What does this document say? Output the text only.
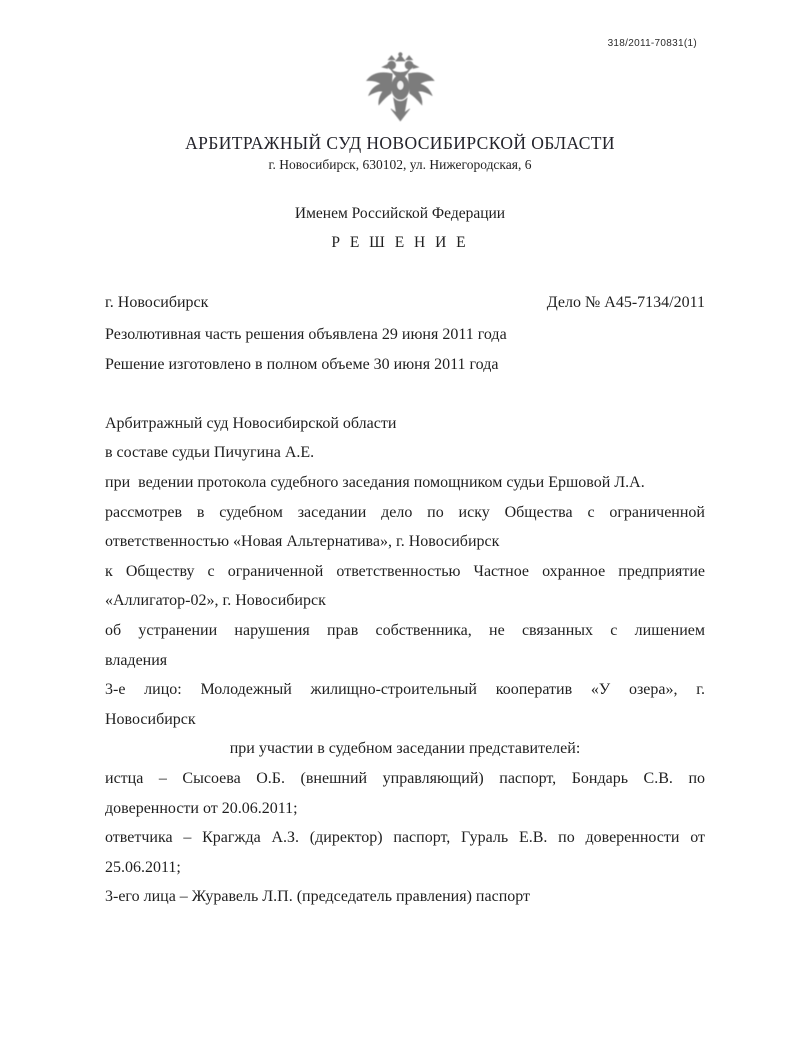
318/2011-70831(1)
АРБИТРАЖНЫЙ СУД НОВОСИБИРСКОЙ ОБЛАСТИ
г. Новосибирск, 630102, ул. Нижегородская, 6
Именем Российской Федерации
Р Е Ш Е Н И Е
г. Новосибирск	Дело № А45-7134/2011
Резолютивная часть решения объявлена 29 июня 2011 года
Решение изготовлено в полном объеме 30 июня 2011 года
Арбитражный суд Новосибирской области
в составе судьи Пичугина А.Е.
при  ведении протокола судебного заседания помощником судьи Ершовой Л.А.
рассмотрев в судебном заседании дело по иску Общества с ограниченной
ответственностью «Новая Альтернатива», г. Новосибирск
к Обществу с ограниченной ответственностью Частное охранное предприятие
«Аллигатор-02», г. Новосибирск
об устранении нарушения прав собственника, не связанных с лишением
владения
3-е лицо: Молодежный жилищно-строительный кооператив «У озера», г.
Новосибирск
при участии в судебном заседании представителей:
истца – Сысоева О.Б. (внешний управляющий) паспорт, Бондарь С.В. по
доверенности от 20.06.2011;
ответчика – Крагжда А.З. (директор) паспорт, Гураль Е.В. по доверенности от
25.06.2011;
3-его лица – Журавель Л.П. (председатель правления) паспорт
